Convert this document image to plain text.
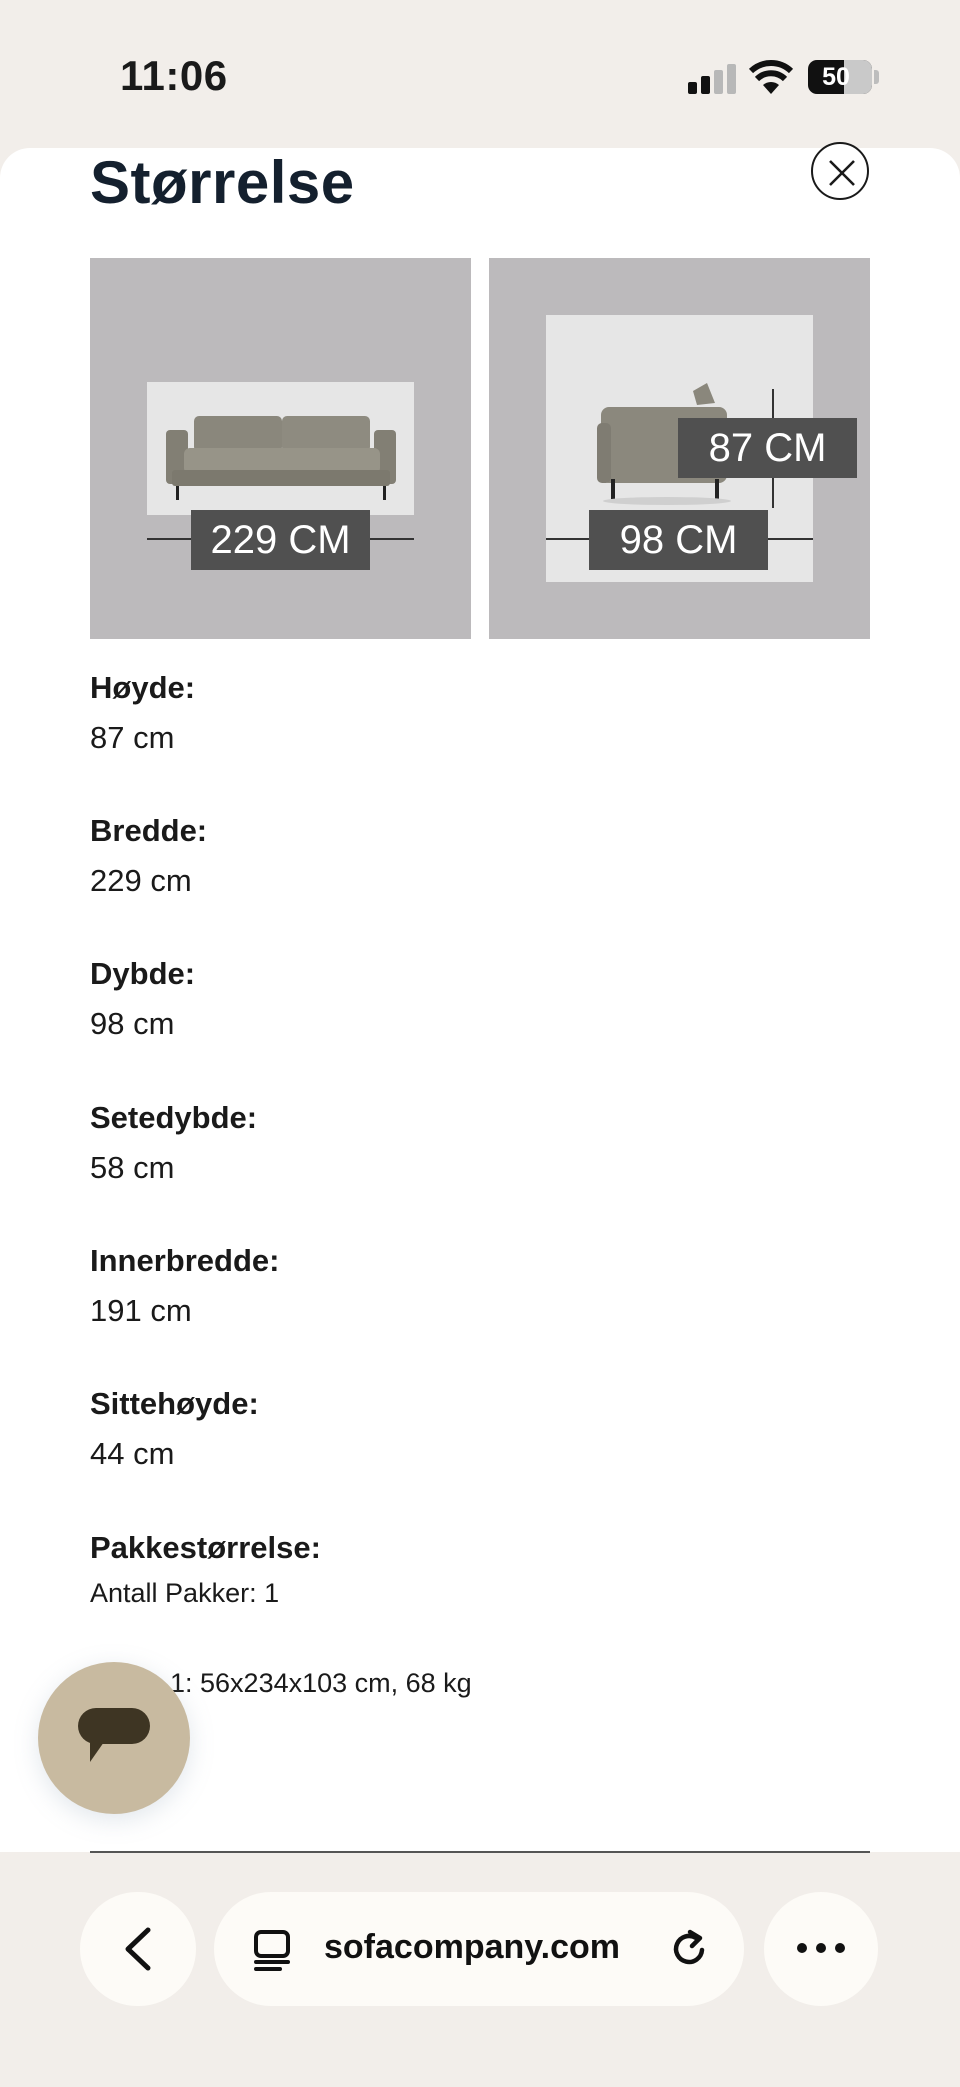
11:06	50
Størrelse
229 CM
87 CM
98 CM
Høyde:
87 cm
Bredde:
229 cm
Dybde:
98 cm
Setedybde:
58 cm
Innerbredde:
191 cm
Sittehøyde:
44 cm
Pakkestørrelse:
Antall Pakker: 1
1: 56x234x103 cm, 68 kg
sofacompany.com
